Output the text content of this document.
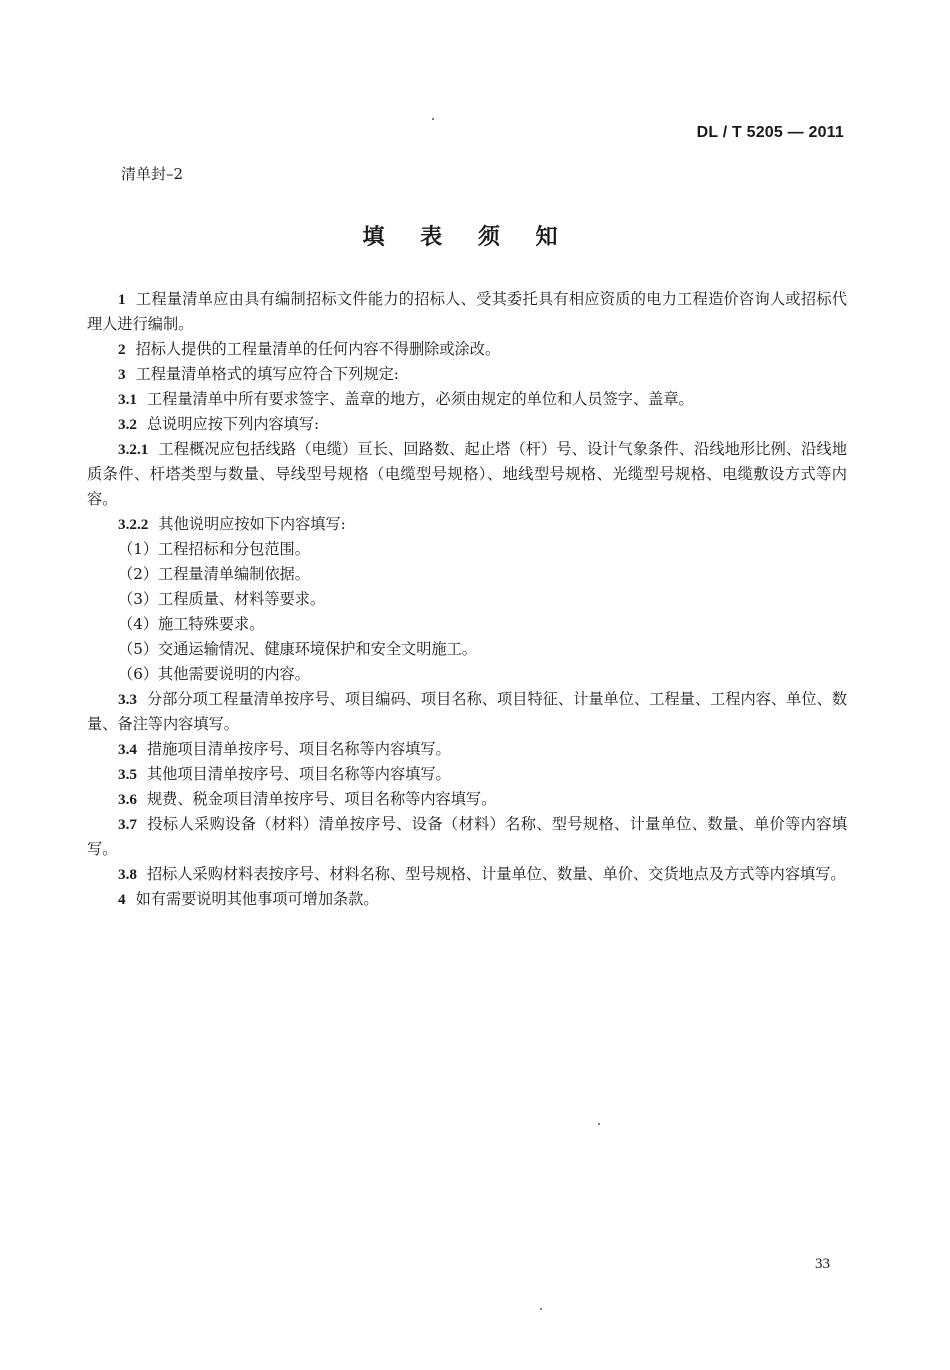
DL / T 5205 — 2011
清单封–2
填 表 须 知

1 工程量清单应由具有编制招标文件能力的招标人、受其委托具有相应资质的电力工程造价咨询人或招标代理人进行编制。

2 招标人提供的工程量清单的任何内容不得删除或涂改。

3 工程量清单格式的填写应符合下列规定:

3.1 工程量清单中所有要求签字、盖章的地方，必须由规定的单位和人员签字、盖章。

3.2 总说明应按下列内容填写:

3.2.1 工程概况应包括线路（电缆）亘长、回路数、起止塔（杆）号、设计气象条件、沿线地形比例、沿线地质条件、杆塔类型与数量、导线型号规格（电缆型号规格）、地线型号规格、光缆型号规格、电缆敷设方式等内容。

3.2.2 其他说明应按如下内容填写:

（1）工程招标和分包范围。

（2）工程量清单编制依据。

（3）工程质量、材料等要求。

（4）施工特殊要求。

（5）交通运输情况、健康环境保护和安全文明施工。

（6）其他需要说明的内容。

3.3 分部分项工程量清单按序号、项目编码、项目名称、项目特征、计量单位、工程量、工程内容、单位、数量、备注等内容填写。

3.4 措施项目清单按序号、项目名称等内容填写。

3.5 其他项目清单按序号、项目名称等内容填写。

3.6 规费、税金项目清单按序号、项目名称等内容填写。

3.7 投标人采购设备（材料）清单按序号、设备（材料）名称、型号规格、计量单位、数量、单价等内容填写。

3.8 招标人采购材料表按序号、材料名称、型号规格、计量单位、数量、单价、交货地点及方式等内容填写。

4 如有需要说明其他事项可增加条款。

33
